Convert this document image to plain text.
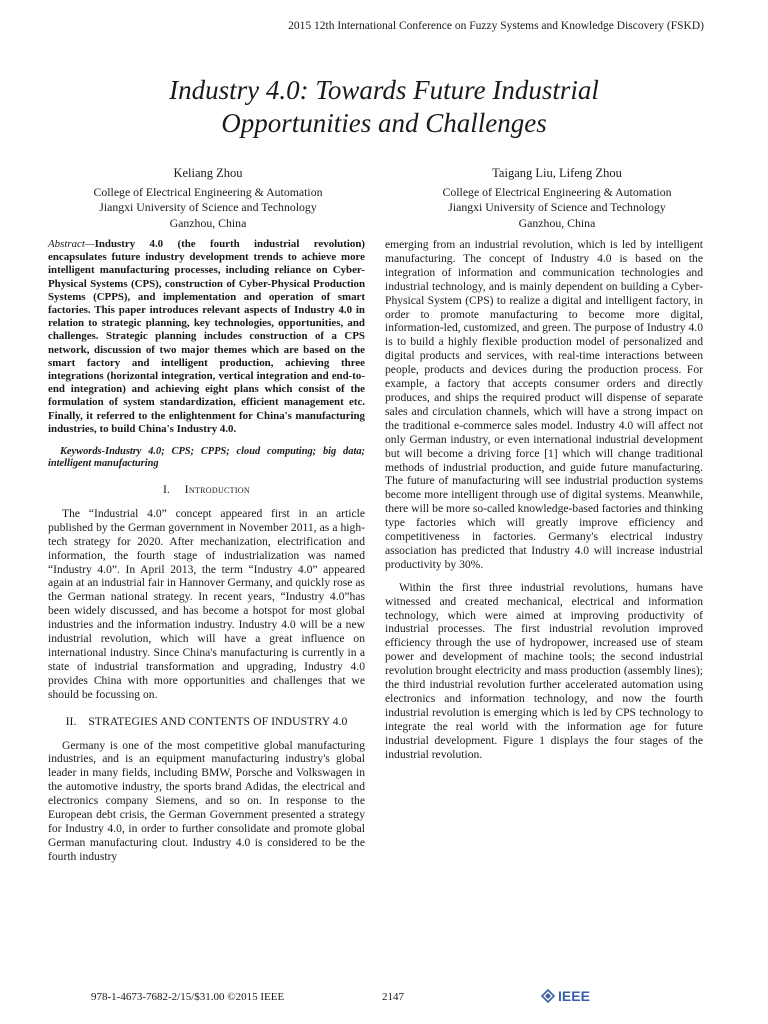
2015 12th International Conference on Fuzzy Systems and Knowledge Discovery (FSKD)
Industry 4.0: Towards Future Industrial
Opportunities and Challenges
Keliang Zhou
College of Electrical Engineering & Automation
Jiangxi University of Science and Technology
Ganzhou, China
Taigang Liu, Lifeng Zhou
College of Electrical Engineering & Automation
Jiangxi University of Science and Technology
Ganzhou, China

Abstract—Industry 4.0 (the fourth industrial revolution) encapsulates future industry development trends to achieve more intelligent manufacturing processes, including reliance on Cyber-Physical Systems (CPS), construction of Cyber-Physical Production Systems (CPPS), and implementation and operation of smart factories. This paper introduces relevant aspects of Industry 4.0 in relation to strategic planning, key technologies, opportunities, and challenges. Strategic planning includes construction of a CPS network, discussion of two major themes which are based on the smart factory and intelligent production, achieving three integrations (horizontal integration, vertical integration and end-to-end integration) and achieving eight plans which consist of the formulation of system standardization, efficient management etc. Finally, it referred to the enlightenment for China's manufacturing industries, to build China's Industry 4.0.

Keywords-Industry 4.0; CPS; CPPS; cloud computing; big data; intelligent manufacturing

I. Introduction

The “Industrial 4.0” concept appeared first in an article published by the German government in November 2011, as a high-tech strategy for 2020. After mechanization, electrification and information, the fourth stage of industrialization was named “Industry 4.0”. In April 2013, the term “Industry 4.0” appeared again at an industrial fair in Hannover Germany, and quickly rose as the German national strategy. In recent years, “Industry 4.0”has been widely discussed, and has become a hotspot for most global industries and the information industry. Industry 4.0 will be a new industrial revolution, which will have a great influence on international industry. Since China's manufacturing is currently in a state of industrial transformation and upgrading, Industry 4.0 provides China with more opportunities and challenges that we should be focussing on.

II. STRATEGIES AND CONTENTS OF INDUSTRY 4.0

Germany is one of the most competitive global manufacturing industries, and is an equipment manufacturing industry's global leader in many fields, including BMW, Porsche and Volkswagen in the automotive industry, the sports brand Adidas, the electrical and electronics company Siemens, and so on. In response to the European debt crisis, the German Government presented a strategy for Industry 4.0, in order to further consolidate and promote global German manufacturing clout. Industry 4.0 is considered to be the fourth industry

emerging from an industrial revolution, which is led by intelligent manufacturing. The concept of Industry 4.0 is based on the integration of information and communication technologies and industrial technology, and is mainly dependent on building a Cyber-Physical System (CPS) to realize a digital and intelligent factory, in order to promote manufacturing to become more digital, information-led, customized, and green. The purpose of Industry 4.0 is to build a highly flexible production model of personalized and digital products and services, with real-time interactions between people, products and devices during the production process. For example, a factory that accepts consumer orders and directly produces, and ships the required product will dispense of separate sales and circulation channels, which will have a strong impact on the traditional e-commerce sales model. Industry 4.0 will affect not only German industry, or even international industrial development but will become a driving force [1] which will change traditional methods of industrial production, and guide future manufacturing. The future of manufacturing will see industrial production systems become more intelligent through use of digital systems. Meanwhile, there will be more so-called knowledge-based factories and thinking type factories which will greatly improve efficiency and competitiveness in factories. Germany's electrical industry association has predicted that Industry 4.0 will increase industrial productivity by 30%.

Within the first three industrial revolutions, humans have witnessed and created mechanical, electrical and information technology, which were aimed at improving productivity of industrial processes. The first industrial revolution improved efficiency through the use of hydropower, increased use of steam power and development of machine tools; the second industrial revolution brought electricity and mass production (assembly lines); the third industrial revolution further accelerated automation using electronics and information technology, and now the fourth industrial revolution is emerging which is led by CPS technology to integrate the real world with the information age for future industrial development. Figure 1 displays the four stages of the industrial revolution.

978-1-4673-7682-2/15/$31.00 ©2015 IEEE	2147	IEEE
